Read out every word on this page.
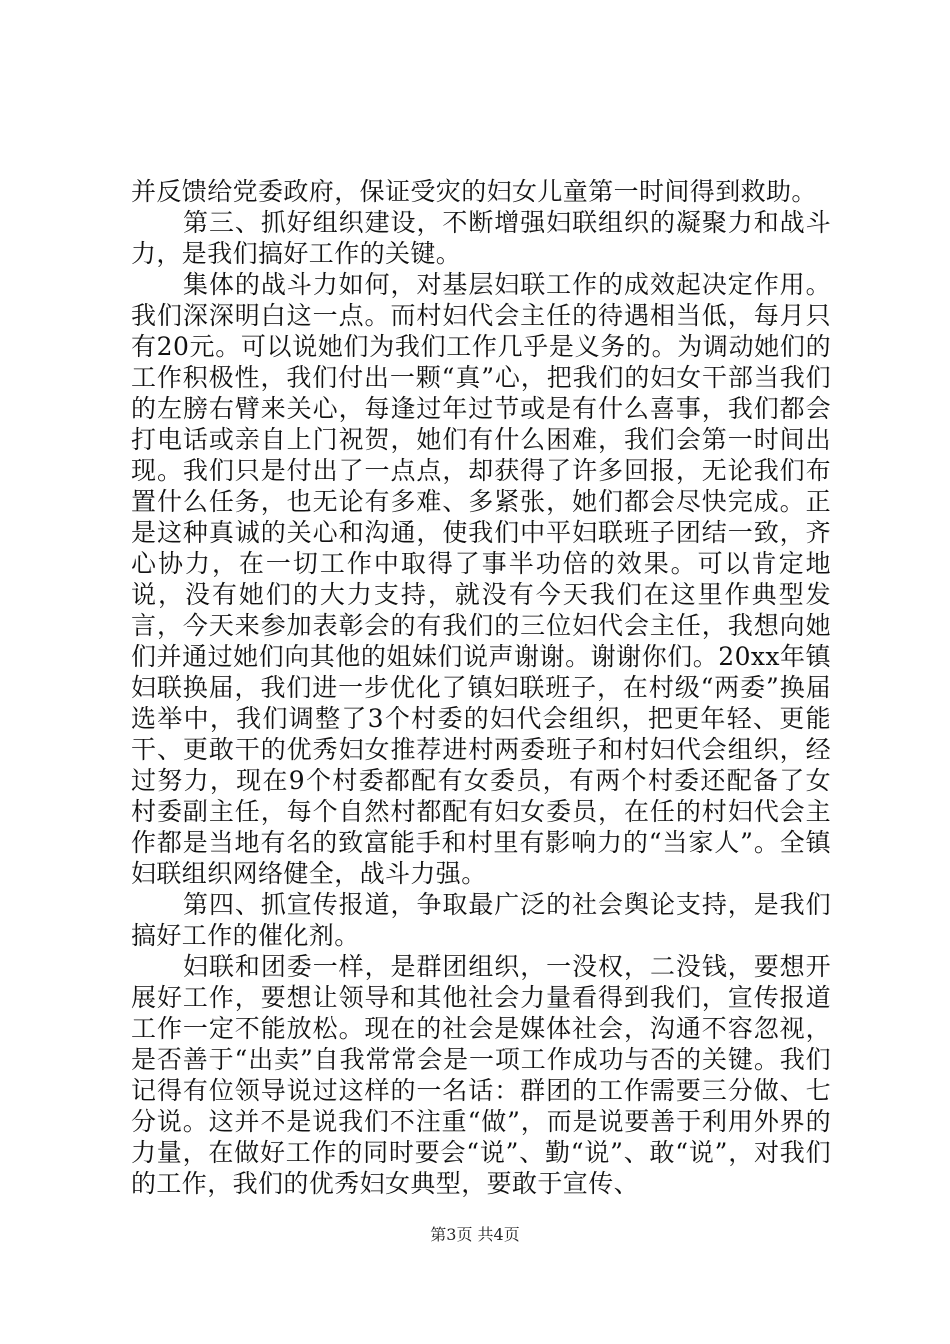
并反馈给党委政府，保证受灾的妇女儿童第一时间得到救助。

第三、抓好组织建设，不断增强妇联组织的凝聚力和战斗力，是我们搞好工作的关键。

集体的战斗力如何，对基层妇联工作的成效起决定作用。我们深深明白这一点。而村妇代会主任的待遇相当低，每月只有20元。可以说她们为我们工作几乎是义务的。为调动她们的工作积极性，我们付出一颗“真”心，把我们的妇女干部当我们的左膀右臂来关心，每逢过年过节或是有什么喜事，我们都会打电话或亲自上门祝贺，她们有什么困难，我们会第一时间出现。我们只是付出了一点点，却获得了许多回报，无论我们布置什么任务，也无论有多难、多紧张，她们都会尽快完成。正是这种真诚的关心和沟通，使我们中平妇联班子团结一致，齐心协力，在一切工作中取得了事半功倍的效果。可以肯定地说，没有她们的大力支持，就没有今天我们在这里作典型发言，今天来参加表彰会的有我们的三位妇代会主任，我想向她们并通过她们向其他的姐妹们说声谢谢。谢谢你们。20xx年镇妇联换届，我们进一步优化了镇妇联班子，在村级“两委”换届选举中，我们调整了3个村委的妇代会组织，把更年轻、更能干、更敢干的优秀妇女推荐进村两委班子和村妇代会组织，经过努力，现在9个村委都配有女委员，有两个村委还配备了女村委副主任，每个自然村都配有妇女委员，在任的村妇代会主作都是当地有名的致富能手和村里有影响力的“当家人”。全镇妇联组织网络健全，战斗力强。

第四、抓宣传报道，争取最广泛的社会舆论支持，是我们搞好工作的催化剂。

妇联和团委一样，是群团组织，一没权，二没钱，要想开展好工作，要想让领导和其他社会力量看得到我们，宣传报道工作一定不能放松。现在的社会是媒体社会，沟通不容忽视，是否善于“出卖”自我常常会是一项工作成功与否的关键。我们记得有位领导说过这样的一名话：群团的工作需要三分做、七分说。这并不是说我们不注重“做”，而是说要善于利用外界的力量，在做好工作的同时要会“说”、勤“说”、敢“说”，对我们的工作，我们的优秀妇女典型，要敢于宣传、

第3页 共4页
